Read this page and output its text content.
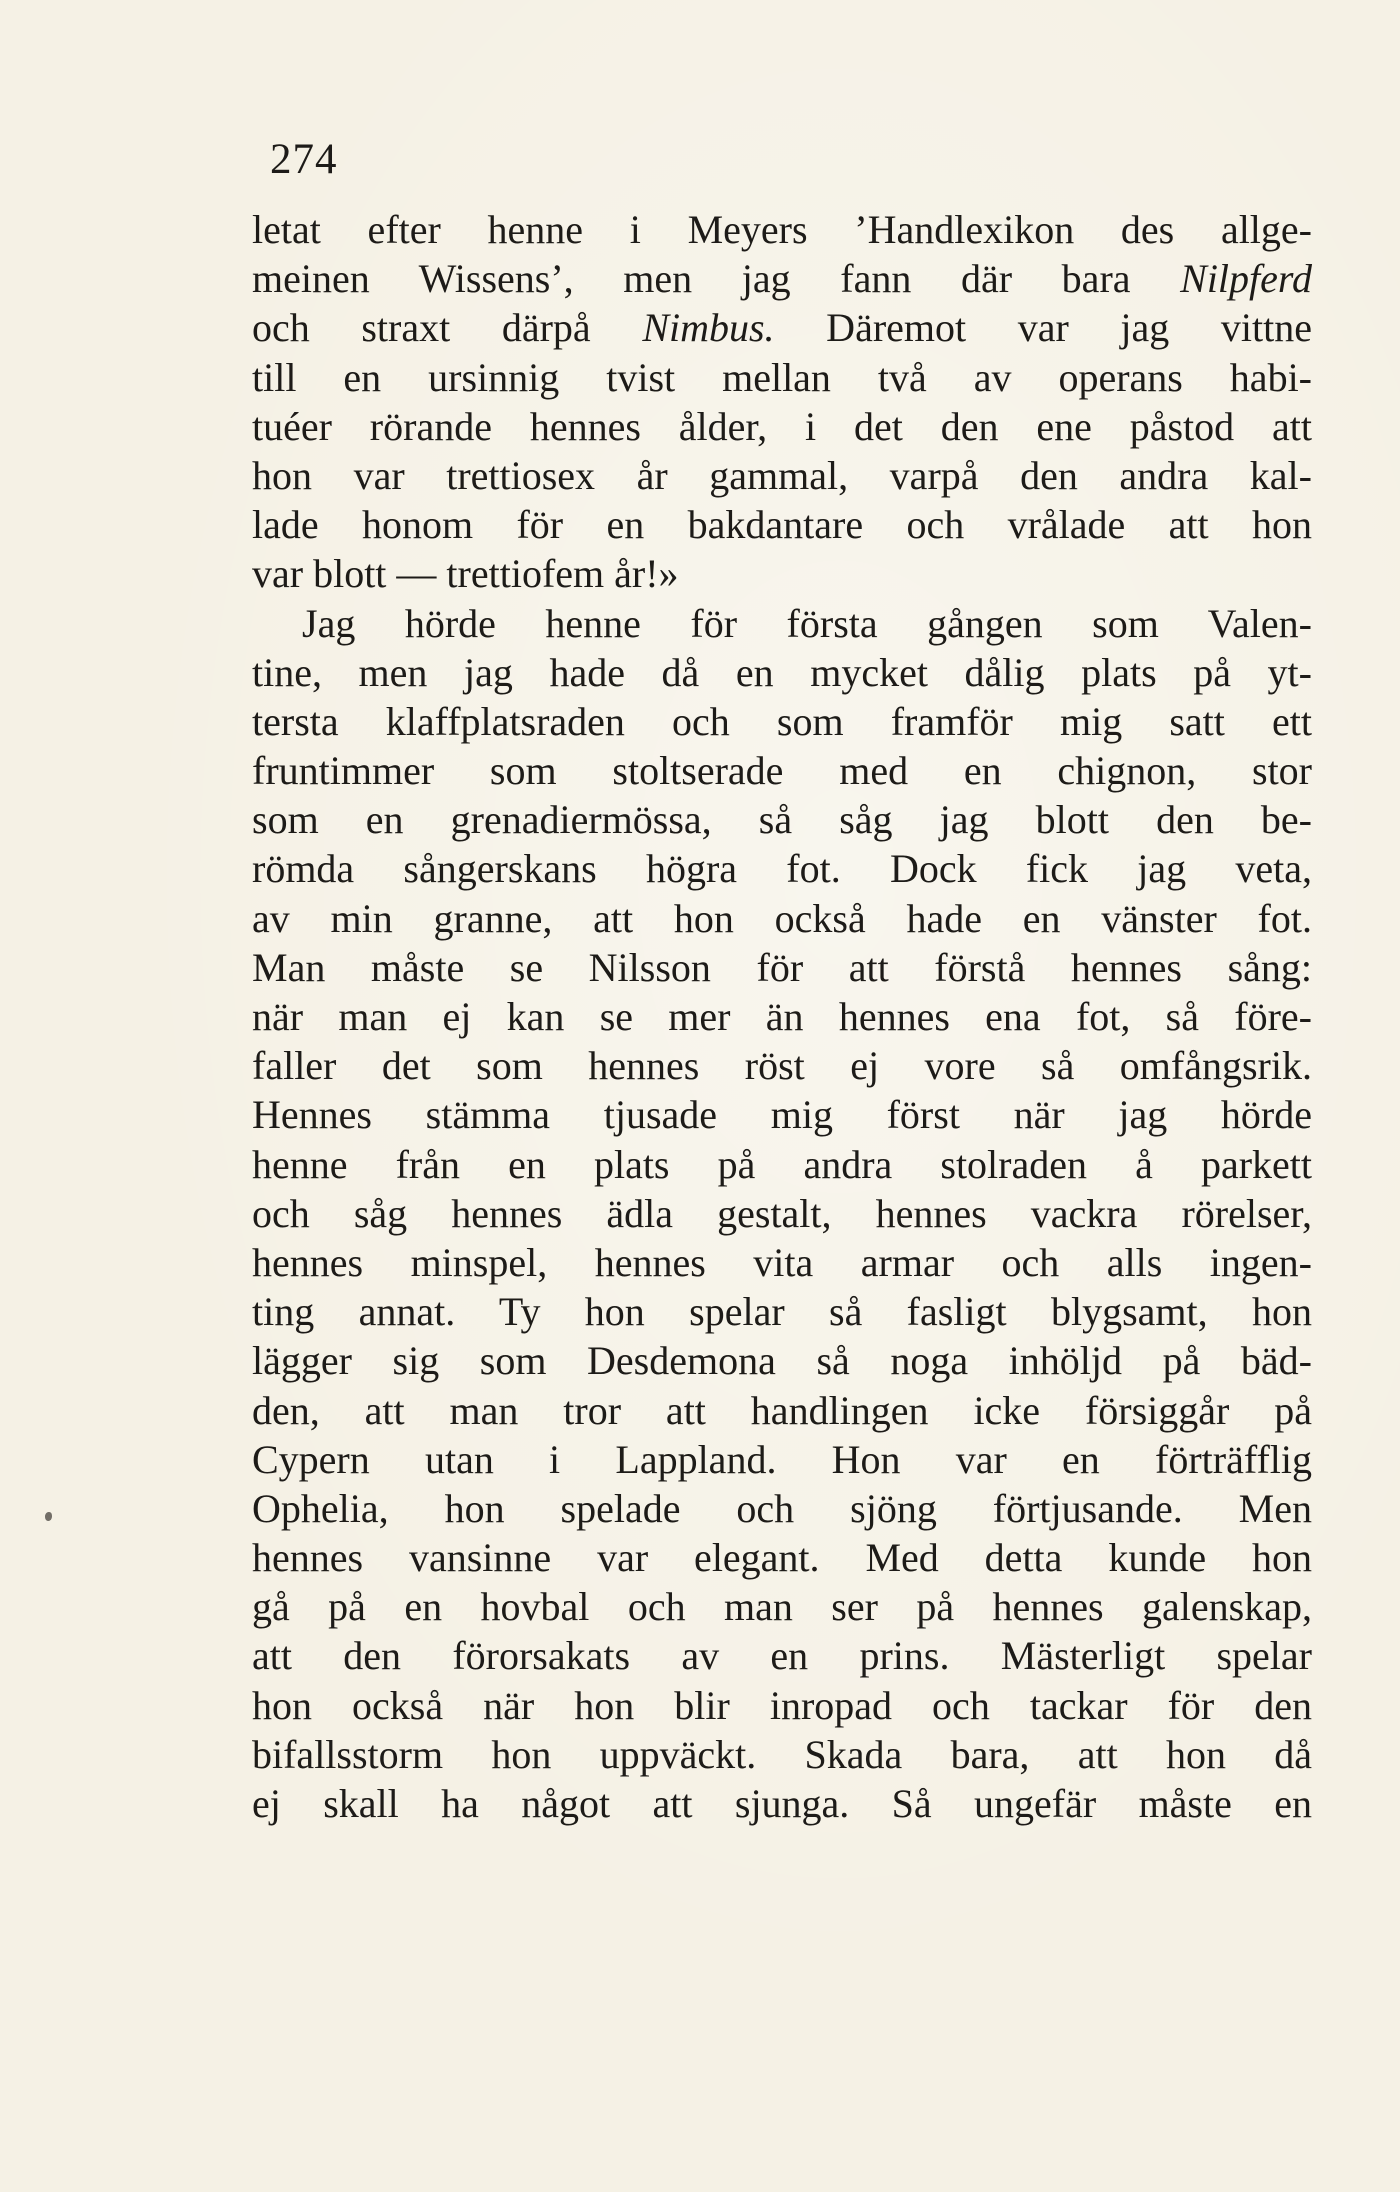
274
letat efter henne i Meyers ’Handlexikon des allge-
meinen Wissens’, men jag fann där bara Nilpferd
och straxt därpå Nimbus. Däremot var jag vittne
till en ursinnig tvist mellan två av operans habi-
tuéer rörande hennes ålder, i det den ene påstod att
hon var trettiosex år gammal, varpå den andra kal-
lade honom för en bakdantare och vrålade att hon
var blott — trettiofem år!»
Jag hörde henne för första gången som Valen-
tine, men jag hade då en mycket dålig plats på yt-
tersta klaffplatsraden och som framför mig satt ett
fruntimmer som stoltserade med en chignon, stor
som en grenadiermössa, så såg jag blott den be-
römda sångerskans högra fot. Dock fick jag veta,
av min granne, att hon också hade en vänster fot.
Man måste se Nilsson för att förstå hennes sång:
när man ej kan se mer än hennes ena fot, så före-
faller det som hennes röst ej vore så omfångsrik.
Hennes stämma tjusade mig först när jag hörde
henne från en plats på andra stolraden å parkett
och såg hennes ädla gestalt, hennes vackra rörelser,
hennes minspel, hennes vita armar och alls ingen-
ting annat. Ty hon spelar så fasligt blygsamt, hon
lägger sig som Desdemona så noga inhöljd på bäd-
den, att man tror att handlingen icke försiggår på
Cypern utan i Lappland. Hon var en förträfflig
Ophelia, hon spelade och sjöng förtjusande. Men
hennes vansinne var elegant. Med detta kunde hon
gå på en hovbal och man ser på hennes galenskap,
att den förorsakats av en prins. Mästerligt spelar
hon också när hon blir inropad och tackar för den
bifallsstorm hon uppväckt. Skada bara, att hon då
ej skall ha något att sjunga. Så ungefär måste en
